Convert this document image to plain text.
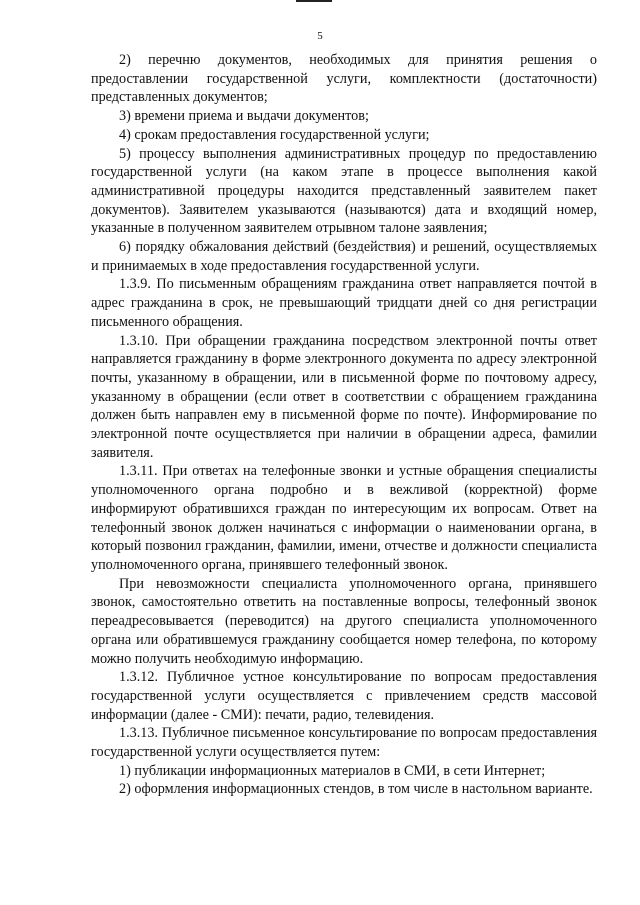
5

2) перечню документов, необходимых для принятия решения о предоставлении государственной услуги, комплектности (достаточности) представленных документов;

3) времени приема и выдачи документов;

4) срокам предоставления государственной услуги;

5) процессу выполнения административных процедур по предоставлению государственной услуги (на каком этапе в процессе выполнения какой административной процедуры находится представленный заявителем пакет документов). Заявителем указываются (называются) дата и входящий номер, указанные в полученном заявителем отрывном талоне заявления;

6) порядку обжалования действий (бездействия) и решений, осуществляемых и принимаемых в ходе предоставления государственной услуги.

1.3.9. По письменным обращениям гражданина ответ направляется почтой в адрес гражданина в срок, не превышающий тридцати дней со дня регистрации письменного обращения.

1.3.10. При обращении гражданина посредством электронной почты ответ направляется гражданину в форме электронного документа по адресу электронной почты, указанному в обращении, или в письменной форме по почтовому адресу, указанному в обращении (если ответ в соответствии с обращением гражданина должен быть направлен ему в письменной форме по почте). Информирование по электронной почте осуществляется при наличии в обращении адреса, фамилии заявителя.

1.3.11. При ответах на телефонные звонки и устные обращения специалисты уполномоченного органа подробно и в вежливой (корректной) форме информируют обратившихся граждан по интересующим их вопросам. Ответ на телефонный звонок должен начинаться с информации о наименовании органа, в который позвонил гражданин, фамилии, имени, отчестве и должности специалиста уполномоченного органа, принявшего телефонный звонок.

При невозможности специалиста уполномоченного органа, принявшего звонок, самостоятельно ответить на поставленные вопросы, телефонный звонок переадресовывается (переводится) на другого специалиста уполномоченного органа или обратившемуся гражданину сообщается номер телефона, по которому можно получить необходимую информацию.

1.3.12. Публичное устное консультирование по вопросам предоставления государственной услуги осуществляется с привлечением средств массовой информации (далее - СМИ): печати, радио, телевидения.

1.3.13. Публичное письменное консультирование по вопросам предоставления государственной услуги осуществляется путем:

1) публикации информационных материалов в СМИ, в сети Интернет;

2) оформления информационных стендов, в том числе в настольном варианте.
